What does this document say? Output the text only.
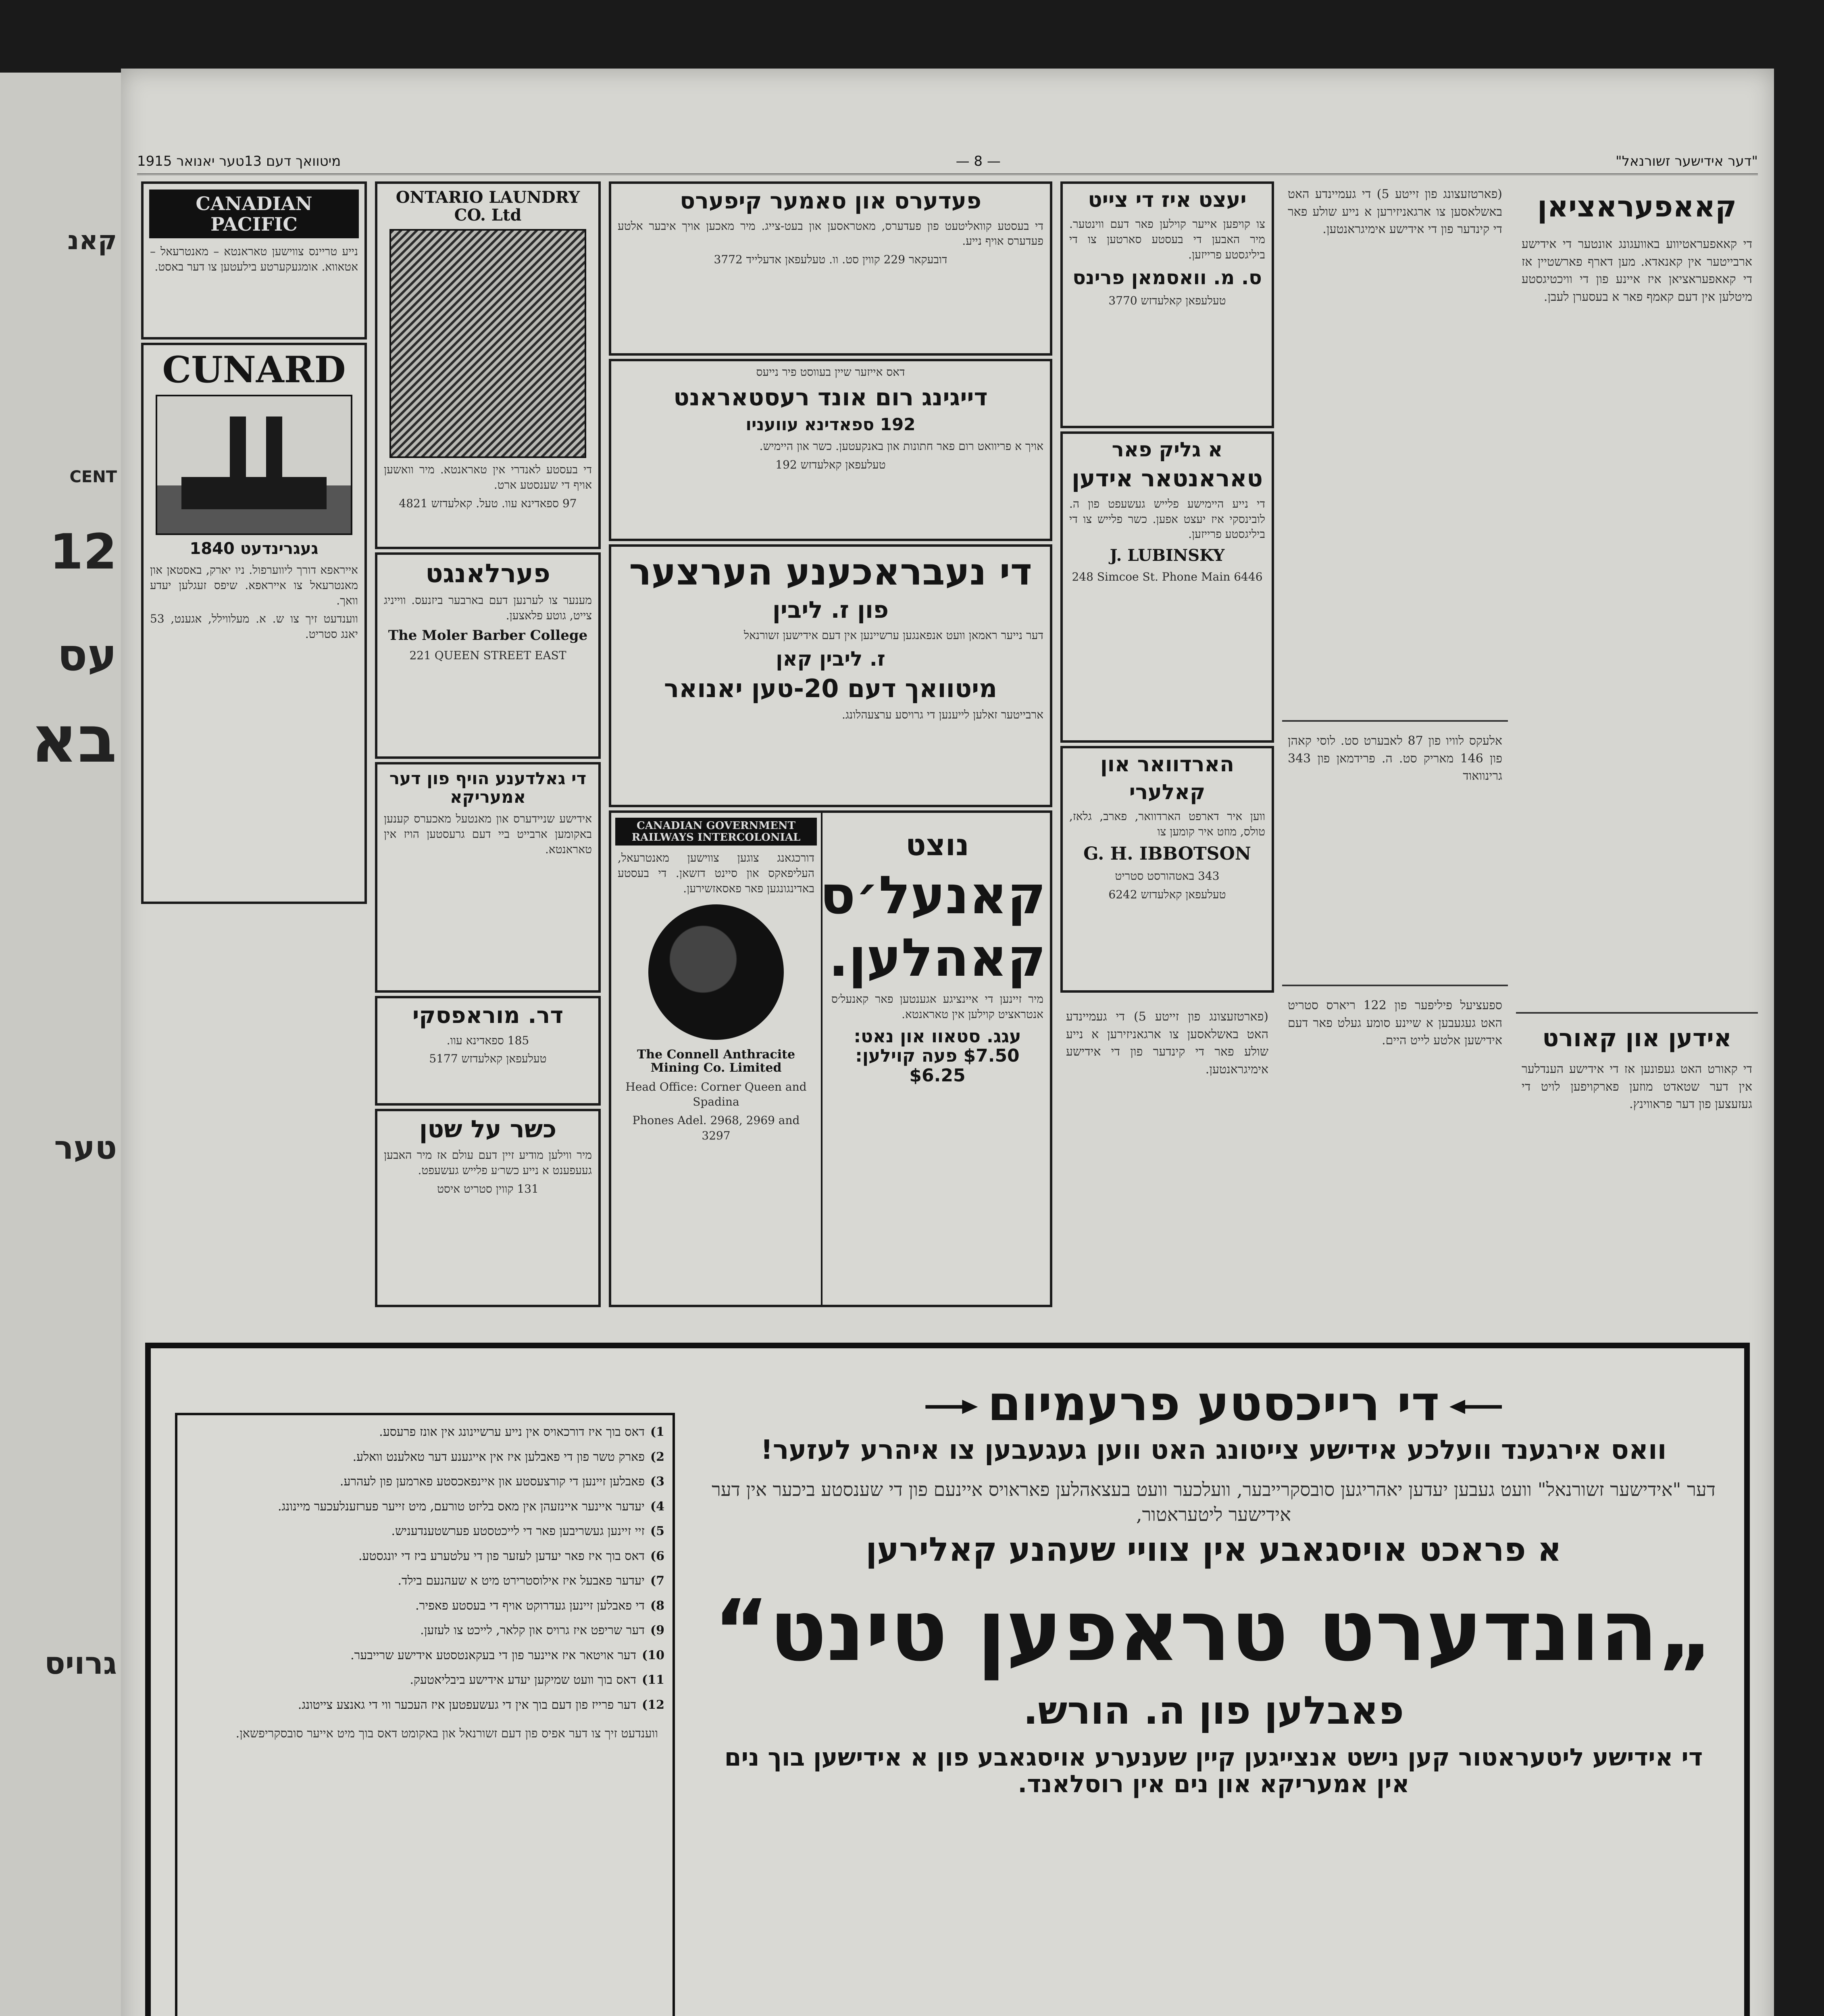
קאנ
CENT
12
עס
בא
טער
גרויס
"דער אידישער זשורנאל"
— 8 —
מיטוואך דעם 13טער יאנואר 1915
קאאפעראציאן
די קאאפעראטיווע באוועגונג אונטער די אידישע ארבייטער אין קאנאדא. מען דארף פארשטיין אז די קאאפעראציאן איז איינע פון די וויכטיגסטע מיטלען אין דעם קאמף פאר א בעסערן לעבן.
אידען און קאורט
די קאורט האט געפונען אז די אידישע הענדלער אין דער שטאדט מוזען פארקויפען לויט די געזעצען פון דער פראווינץ.
(פארטזעצונג פון זייטע 5) די געמיינדע האט באשלאסען צו ארגאניזירען א נייע שולע פאר די קינדער פון די אידישע אימיגראנטען.
אלעקס לוויו פון 87 לאבערט סט. לוסי קאהן פון 146 מאריק סט. ה. פרידמאן פון 343 גרינוואוד
ספעציעל פיליפער פון 122 ריארס סטריט האט געגעבען א שיינע סומע געלט פאר דעם אידישען אלטע לייט היים.
יעצט איז די צייט
צו קויפען אייער קוילען פאר דעם ווינטער. מיר האבען די בעסטע סארטען צו די ביליגסטע פרייזען.
ס. מ. וואסמאן פרינס
טעלעפאן קאלעדזש 3770
א גליק פאר
טאראנטאר אידען
די נייע היימישע פלייש געשעפט פון ה. לובינסקי איז יעצט אפען. כשר פלייש צו די ביליגסטע פרייזען.
J. LUBINSKY
248 Simcoe St. Phone Main 6446
הארדוואר און
קאלערי
ווען איר דארפט הארדוואר, פארב, גלאז, טולס, מוזט איר קומען צו
G. H. IBBOTSON
343 באטהורסט סטריט
טעלעפאן קאלעדזש 6242
(פארטזעצונג פון זייטע 5) די געמיינדע האט באשלאסען צו ארגאניזירען א נייע שולע פאר די קינדער פון די אידישע אימיגראנטען.
פעדערס און סאמער קיפערס
די בעסטע קוואליטעט פון פעדערס, מאטראסען און בעט-צייג. מיר מאכען אויך איבער אלטע פעדערס אויף נייע.
דובעקאר 229 קווין סט. וו. טעלעפאן אדעלייד 3772
דאס אייזער שיין בעווסט פיר נייעס
דייגינג רום אונד רעסטאראנט
192 ספאדינא עוועניו
אויך א פריוואט רום פאר חתונות און באנקעטען. כשר און היימיש.
טעלעפאן קאלעדזש 192
די נעבראכענע הערצער
פון ז. ליבין
דער נייער ראמאן וועט אנפאנגען ערשיינען אין דעם אידישען זשורנאל
ז. ליבין קאן
מיטוואך דעם 20-טען יאנואר
ארבייטער זאלען לייענען די גרויסע ערצעהלונג.
CANADIAN GOVERNMENT RAILWAYS INTERCOLONIAL
דורכגאנג צוגען צווישען מאנטרעאל, העליפאקס און סיינט דזשאן. די בעסטע באדינגונגען פאר פאסאזשירען.
The Connell Anthracite Mining Co. Limited
Head Office: Corner Queen and Spadina
Phones Adel. 2968, 2969 and 3297
נוצט
קאנעל׳ס
קאהלען.
מיר זיינען די איינציגע אגענטען פאר קאנעל׳ס אנטראציט קוילען אין טאראנטא.
עגג. סטאוו און נאט: $7.50 פעה קוילען: $6.25
ONTARIO LAUNDRY CO. Ltd
די בעסטע לאנדרי אין טאראנטא. מיר וואשען אויף די שענסטע ארט.
97 ספאדינא עוו. טעל. קאלעדזש 4821
פערלאנגט
מענער צו לערנען דעם בארבער ביזנעס. ווייניג צייט, גוטע פלאצען.
The Moler Barber College
221 QUEEN STREET EAST
די גאלדענע הויף פון דער אמעריקא
אידישע שניידערס און מאנטעל מאכערס קענען באקומען ארבייט ביי דעם גרעסטען הויז אין טאראנטא.
דר. מוראפסקי
185 ספאדינא עוו.
טעלעפאן קאלעדזש 5177
כשר על שטן
מיר ווילען מודיע זיין דעם עולם אז מיר האבען געעפענט א נייע כשר׳ע פלייש געשעפט.
131 קווין סטריט איסט
CANADIAN
PACIFIC
נייע טריינס צווישען טאראנטא – מאנטרעאל – אטאווא. אומגעקערטע בילעטען צו דער באסט.
CUNARD
געגרינדעט 1840
אייראפא דורך ליווערפול. ניו יארק, באסטאן און מאנטרעאל צו אייראפא. שיפס זעגלען יעדע וואך.
ווענדעט זיך צו ש. א. מעלווילל, אגענט, 53 יאנג סטריט.
1)
דאס בוך איז דורכאויס אין נייע ערשיינונג אין אונז פרעסע.
2)
פארק טשר פון די פאבלען איז אין אייגענע דער טאלענט וואלע.
3)
פאבלען זיינען די קורצעסטע און איינפאכסטע פארמען פון לעהרע.
4)
יעדער איינער איינזעהן אין מאס בליזט טורעם, מיט זייער פערזענלעכער מיינונג.
5)
זיי זיינען געשריבען פאר די לייכטסטע פערשטענדעניש.
6)
דאס בוך איז פאר יעדען לעזער פון די עלטערע ביז די יונגסטע.
7)
יעדער פאבעל איז אילוסטרירט מיט א שעהנעם בילד.
8)
די פאבלען זיינען געדרוקט אויף די בעסטע פאפיר.
9)
דער שריפט איז גרויס און קלאר, לייכט צו לעזען.
10)
דער אויטאר איז איינער פון די בעקאנטסטע אידישע שרייבער.
11)
דאס בוך וועט שמיקען יעדע אידישע ביבליאטעק.
12)
דער פרייז פון דעם בוך אין די געשעפטען איז העכער ווי די גאנצע צייטונג.
ווענדעט זיך צו דער אפיס פון דעם זשורנאל און באקומט דאס בוך מיט אייער סובסקריפשאן.
די רייכסטע פרעמיום
וואס אירגענד וועלכע אידישע צייטונג האט ווען געגעבען צו איהרע לעזער!
דער "אידישער זשורנאל" וועט געבען יעדען יאהריגען סובסקרייבער, וועלכער וועט בעצאהלען פאראויס איינעם פון די שענסטע ביכער אין דער אידישער ליטעראטור,
א פראכט אויסגאבע אין צוויי שעהנע קאלירען
„הונדערט טראפען טינט“
פאבלען פון ה. הורש.
די אידישע ליטעראטור קען נישט אנצייגען קיין שענערע אויסגאבע פון א אידישען בוך נים אין אמעריקא און נים אין רוסלאנד.
